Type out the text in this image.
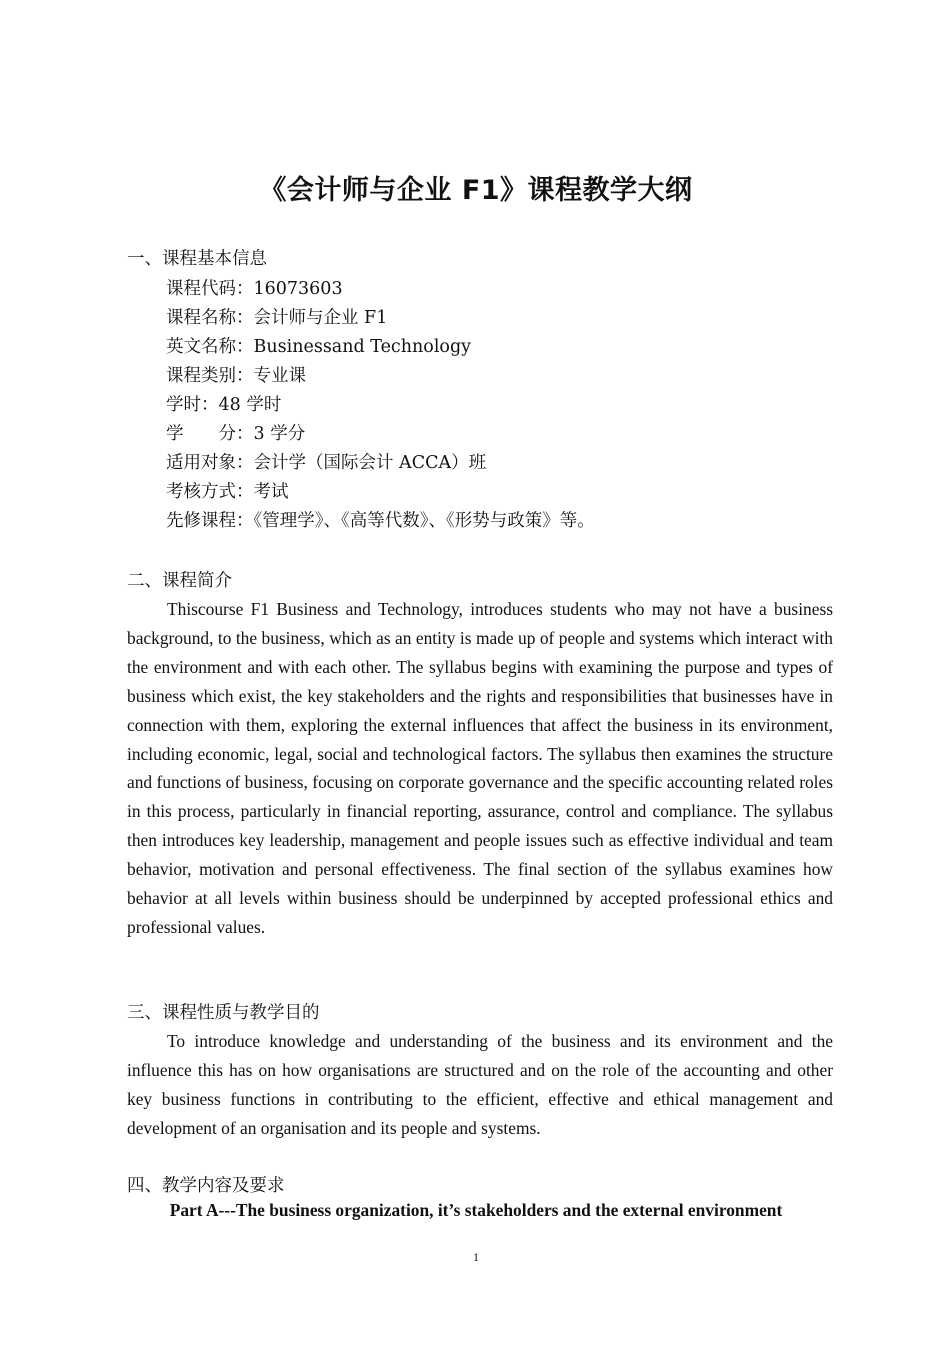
《会计师与企业 F1》课程教学大纲
一、课程基本信息
课程代码：16073603
课程名称：会计师与企业 F1
英文名称：Businessand Technology
课程类别：专业课
学时：48 学时
学　　分：3 学分
适用对象：会计学（国际会计 ACCA）班
考核方式：考试
先修课程：《管理学》、《高等代数》、《形势与政策》等。
二、课程简介

Thiscourse F1 Business and Technology, introduces students who may not have a business background, to the business, which as an entity is made up of people and systems which interact with the environment and with each other. The syllabus begins with examining the purpose and types of business which exist, the key stakeholders and the rights and responsibilities that businesses have in connection with them, exploring the external influences that affect the business in its environment, including economic, legal, social and technological factors. The syllabus then examines the structure and functions of business, focusing on corporate governance and the specific accounting related roles in this process, particularly in financial reporting, assurance, control and compliance. The syllabus then introduces key leadership, management and people issues such as effective individual and team behavior, motivation and personal effectiveness. The final section of the syllabus examines how behavior at all levels within business should be underpinned by accepted professional ethics and professional values.

三、课程性质与教学目的

To introduce knowledge and understanding of the business and its environment and the influence this has on how organisations are structured and on the role of the accounting and other key business functions in contributing to the efficient, effective and ethical management and development of an organisation and its people and systems.

四、教学内容及要求
Part A---The business organization, it’s stakeholders and the external environment
1
